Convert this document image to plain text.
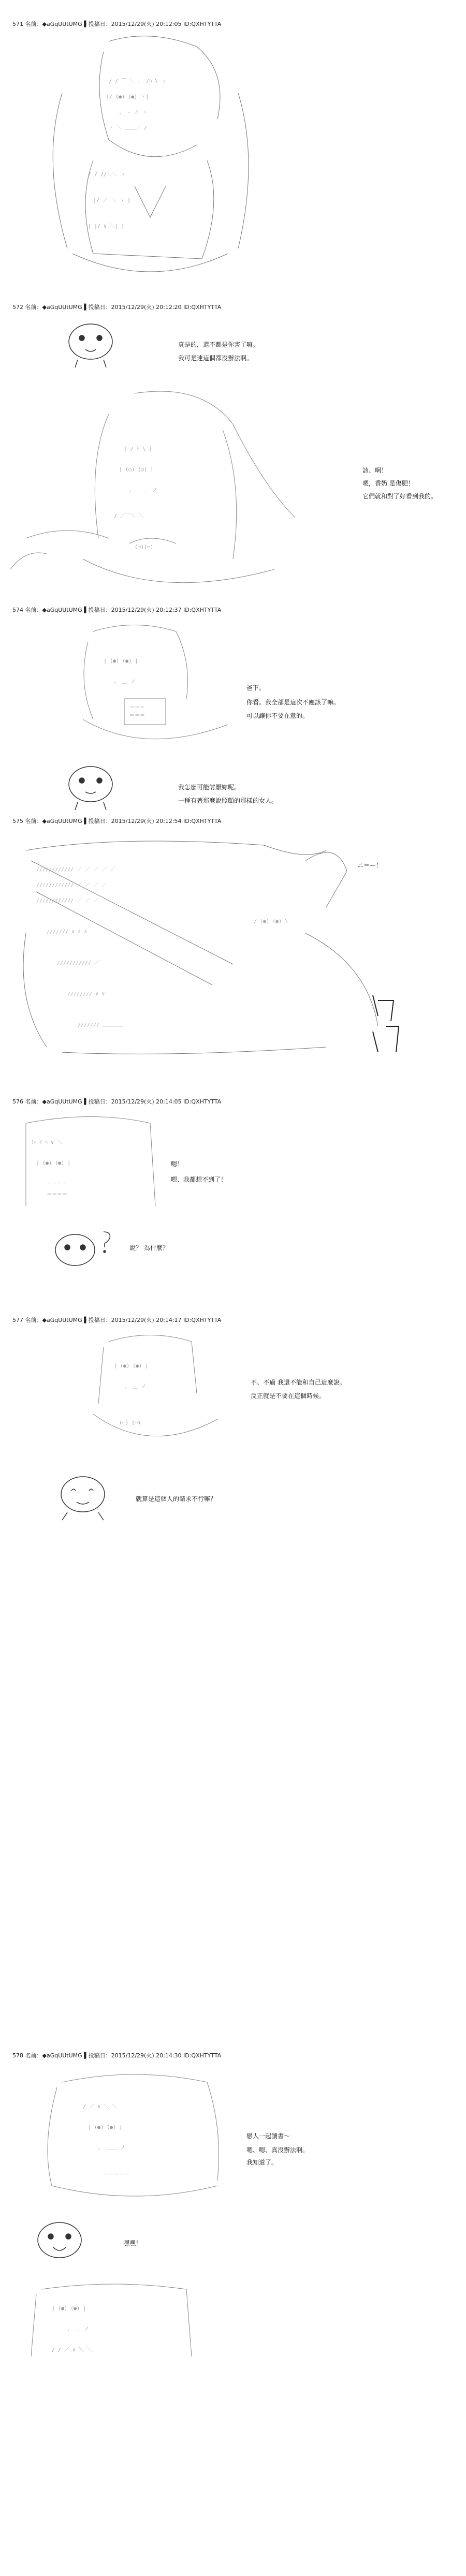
571 名前：◆aGqUUtUMG ▌投稿日：2015/12/29(火) 20:12:05 ID:QXHTYTTA
/ / ￣ ＼ 、 /ﾊ \ ヽ
|/ (●) (●) ヽ|
、 ‐ ノ ヽ
ヽ ＼ ＿＿／ /
/ / //＼＼ ヽ
|/ ／ ＼ ヽ |
| |/ ∨ ＼| |
572 名前：◆aGqUUtUMG ▌投稿日：2015/12/29(火) 20:12:20 ID:QXHTYTTA
真是的，還不都是你害了嘛。
我可是連這個都沒辦法啊。
| / ﾄ \ |
| (○) (○) |
、__ ＿ ノ
/ ／￣＼ ＼
(⌒)(⌒)
該、啊！
嗯，香奶 是傷肥！
它們就和對了好看到我的。
574 名前：◆aGqUUtUMG ▌投稿日：2015/12/29(火) 20:12:37 ID:QXHTYTTA
| (●) (●) |
、 ＿ ノ
＝＝＝
＝＝＝
爸下。
你看。我全部是這次不應該了嘛。
可以讓你不要在意的。
我怎麼可能討厭妳呢。
一種有著那麼說照顧的那樣的女人。
575 名前：◆aGqUUtUMG ▌投稿日：2015/12/29(火) 20:12:54 ID:QXHTYTTA
//////////// ／ ／ ／ ／ ／
//////////// ／ ／ ／ ／
//////////// ／ ／ ／
/////// ∧ ∧ ∧
/////////// ／
//////// ∨ ∨
/////// ＿＿＿＿
/ (●) (●) \
ニ＝ー！
576 名前：◆aGqUUtUMG ▌投稿日：2015/12/29(火) 20:14:05 ID:QXHTYTTA
レ ｲ ﾍ ∨ ＼
| (●) (●) |
＝＝＝＝
＝＝＝＝
嗯！
嗯、我都想不到了！
說？ 為什麼？
577 名前：◆aGqUUtUMG ▌投稿日：2015/12/29(火) 20:14:17 ID:QXHTYTTA
| (●) (●) |
、 ＿ ノ
(⌒) (⌒)
不、不過 我還不能和自己這麼說。
反正就是不要在這個時候。
就算是這個人的請求不行嘛？
578 名前：◆aGqUUtUMG ▌投稿日：2015/12/29(火) 20:14:30 ID:QXHTYTTA
/ ／ ∧ ＼ ＼
| (●) (●) |
、 ＿＿ ノ
＝＝＝＝＝
戀人一起讀書～
嗯、嗯、真沒辦法啊。
我知道了。
嘿嘿！
| (●) (●) |
、 ＿ ノ
/ / ／ ∧ ＼ ＼
